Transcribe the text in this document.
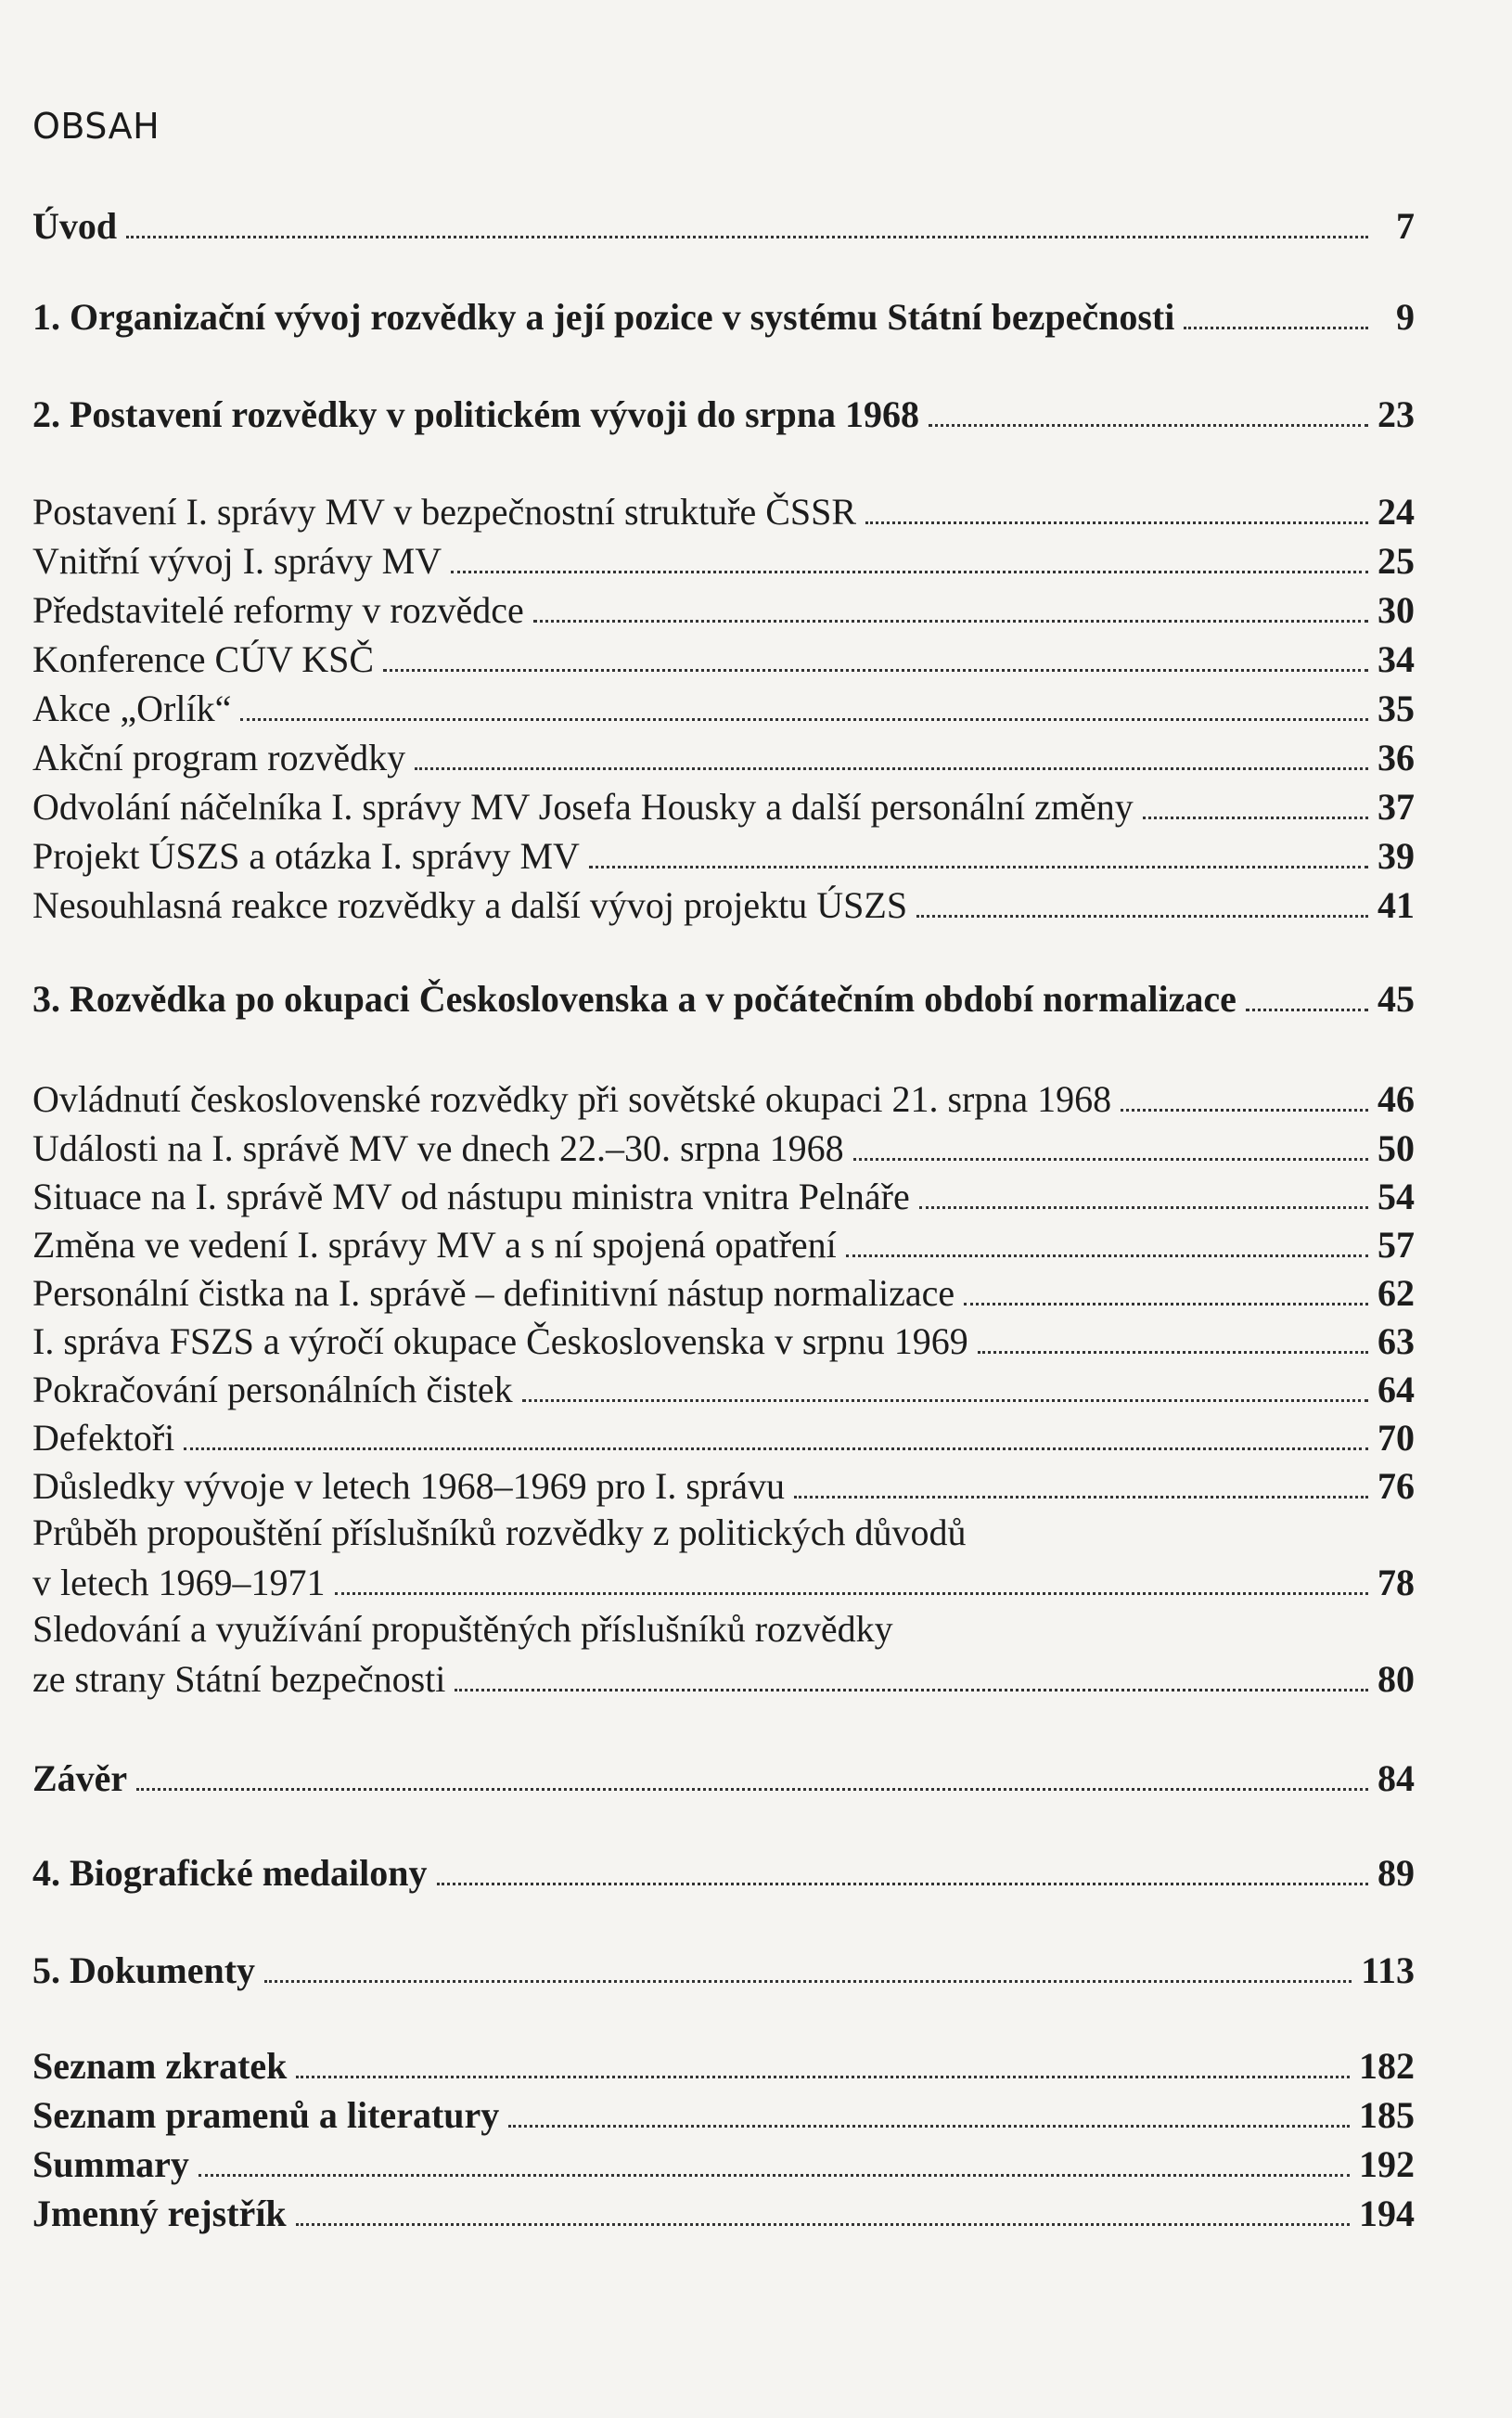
OBSAH
Úvod	7
1. Organizační vývoj rozvědky a její pozice v systému Státní bezpečnosti	9
2. Postavení rozvědky v politickém vývoji do srpna 1968	23
Postavení I. správy MV v bezpečnostní struktuře ČSSR	24
Vnitřní vývoj I. správy MV	25
Představitelé reformy v rozvědce	30
Konference CÚV KSČ	34
Akce „Orlík“	35
Akční program rozvědky	36
Odvolání náčelníka I. správy MV Josefa Housky a další personální změny	37
Projekt ÚSZS a otázka I. správy MV	39
Nesouhlasná reakce rozvědky a další vývoj projektu ÚSZS	41
3. Rozvědka po okupaci Československa a v počátečním období normalizace	45
Ovládnutí československé rozvědky při sovětské okupaci 21. srpna 1968	46
Události na I. správě MV ve dnech 22.–30. srpna 1968	50
Situace na I. správě MV od nástupu ministra vnitra Pelnáře	54
Změna ve vedení I. správy MV a s ní spojená opatření	57
Personální čistka na I. správě – definitivní nástup normalizace	62
I. správa FSZS a výročí okupace Československa v srpnu 1969	63
Pokračování personálních čistek	64
Defektoři	70
Důsledky vývoje v letech 1968–1969 pro I. správu	76
Průběh propouštění příslušníků rozvědky z politických důvodů
v letech 1969–1971	78
Sledování a využívání propuštěných příslušníků rozvědky
ze strany Státní bezpečnosti	80
Závěr	84
4. Biografické medailony	89
5. Dokumenty	113
Seznam zkratek	182
Seznam pramenů a literatury	185
Summary	192
Jmenný rejstřík	194
